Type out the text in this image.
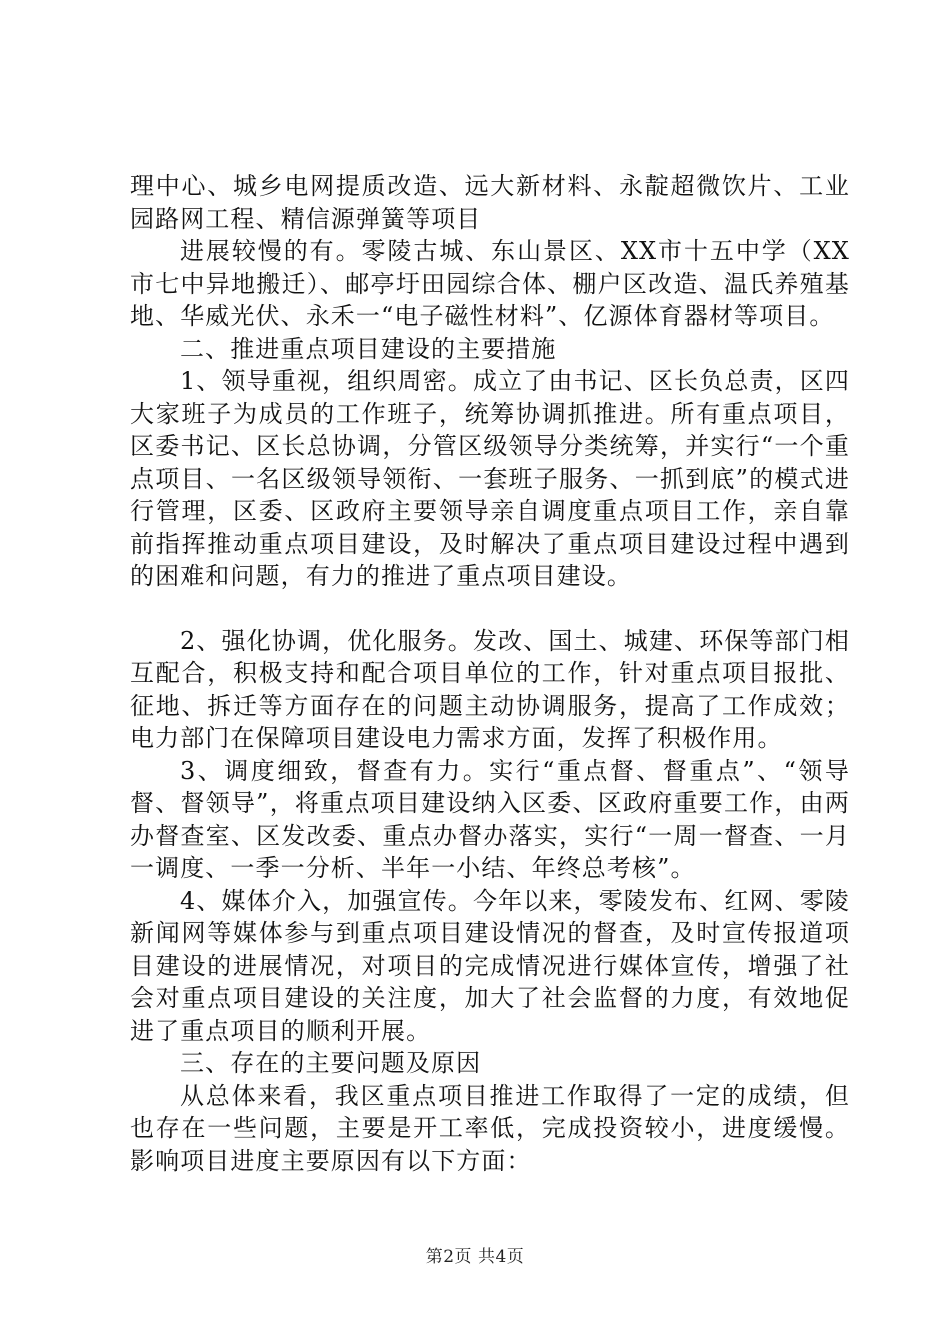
理中心、城乡电网提质改造、远大新材料、永靛超微饮片、工业园路网工程、精信源弹簧等项目

进展较慢的有。零陵古城、东山景区、XX市十五中学（XX市七中异地搬迁）、邮亭圩田园综合体、棚户区改造、温氏养殖基地、华威光伏、永禾一“电子磁性材料”、亿源体育器材等项目。

二、推进重点项目建设的主要措施

1、领导重视，组织周密。成立了由书记、区长负总责，区四大家班子为成员的工作班子，统筹协调抓推进。所有重点项目，区委书记、区长总协调，分管区级领导分类统筹，并实行“一个重点项目、一名区级领导领衔、一套班子服务、一抓到底”的模式进行管理，区委、区政府主要领导亲自调度重点项目工作，亲自靠前指挥推动重点项目建设，及时解决了重点项目建设过程中遇到的困难和问题，有力的推进了重点项目建设。

2、强化协调，优化服务。发改、国土、城建、环保等部门相互配合，积极支持和配合项目单位的工作，针对重点项目报批、征地、拆迁等方面存在的问题主动协调服务，提高了工作成效；电力部门在保障项目建设电力需求方面，发挥了积极作用。

3、调度细致，督查有力。实行“重点督、督重点”、“领导督、督领导”，将重点项目建设纳入区委、区政府重要工作，由两办督查室、区发改委、重点办督办落实，实行“一周一督查、一月一调度、一季一分析、半年一小结、年终总考核”。

4、媒体介入，加强宣传。今年以来，零陵发布、红网、零陵新闻网等媒体参与到重点项目建设情况的督查，及时宣传报道项目建设的进展情况，对项目的完成情况进行媒体宣传，增强了社会对重点项目建设的关注度，加大了社会监督的力度，有效地促进了重点项目的顺利开展。

三、存在的主要问题及原因

从总体来看，我区重点项目推进工作取得了一定的成绩，但也存在一些问题，主要是开工率低，完成投资较小，进度缓慢。影响项目进度主要原因有以下方面：

第2页 共4页
